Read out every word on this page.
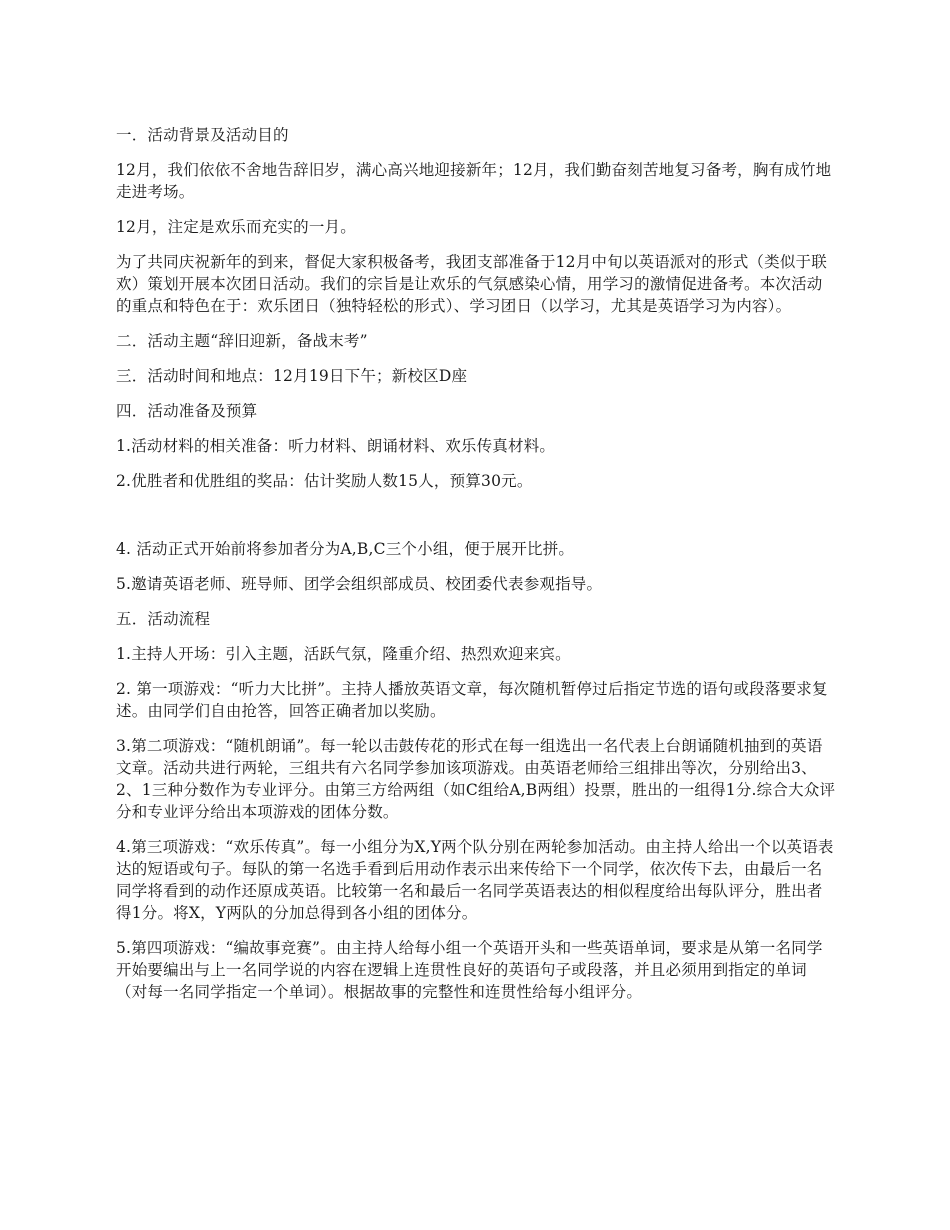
一．活动背景及活动目的

12月，我们依依不舍地告辞旧岁，满心高兴地迎接新年；12月，我们勤奋刻苦地复习备考，胸有成竹地走进考场。

12月，注定是欢乐而充实的一月。

为了共同庆祝新年的到来，督促大家积极备考，我团支部准备于12月中旬以英语派对的形式（类似于联欢）策划开展本次团日活动。我们的宗旨是让欢乐的气氛感染心情，用学习的激情促进备考。本次活动的重点和特色在于：欢乐团日（独特轻松的形式）、学习团日（以学习，尤其是英语学习为内容）。

二．活动主题“辞旧迎新，备战末考”

三．活动时间和地点：12月19日下午；新校区D座

四．活动准备及预算

1.活动材料的相关准备：听力材料、朗诵材料、欢乐传真材料。

2.优胜者和优胜组的奖品：估计奖励人数15人，预算30元。

4. 活动正式开始前将参加者分为A,B,C三个小组，便于展开比拼。

5.邀请英语老师、班导师、团学会组织部成员、校团委代表参观指导。

五．活动流程

1.主持人开场：引入主题，活跃气氛，隆重介绍、热烈欢迎来宾。

2. 第一项游戏：“听力大比拼”。主持人播放英语文章，每次随机暂停过后指定节选的语句或段落要求复述。由同学们自由抢答，回答正确者加以奖励。

3.第二项游戏：“随机朗诵”。每一轮以击鼓传花的形式在每一组选出一名代表上台朗诵随机抽到的英语文章。活动共进行两轮，三组共有六名同学参加该项游戏。由英语老师给三组排出等次，分别给出3、2、1三种分数作为专业评分。由第三方给两组（如C组给A,B两组）投票，胜出的一组得1分.综合大众评分和专业评分给出本项游戏的团体分数。

4.第三项游戏：“欢乐传真”。每一小组分为X,Y两个队分别在两轮参加活动。由主持人给出一个以英语表达的短语或句子。每队的第一名选手看到后用动作表示出来传给下一个同学，依次传下去，由最后一名同学将看到的动作还原成英语。比较第一名和最后一名同学英语表达的相似程度给出每队评分，胜出者得1分。将X，Y两队的分加总得到各小组的团体分。

5.第四项游戏：“编故事竞赛”。由主持人给每小组一个英语开头和一些英语单词，要求是从第一名同学开始要编出与上一名同学说的内容在逻辑上连贯性良好的英语句子或段落，并且必须用到指定的单词（对每一名同学指定一个单词）。根据故事的完整性和连贯性给每小组评分。
